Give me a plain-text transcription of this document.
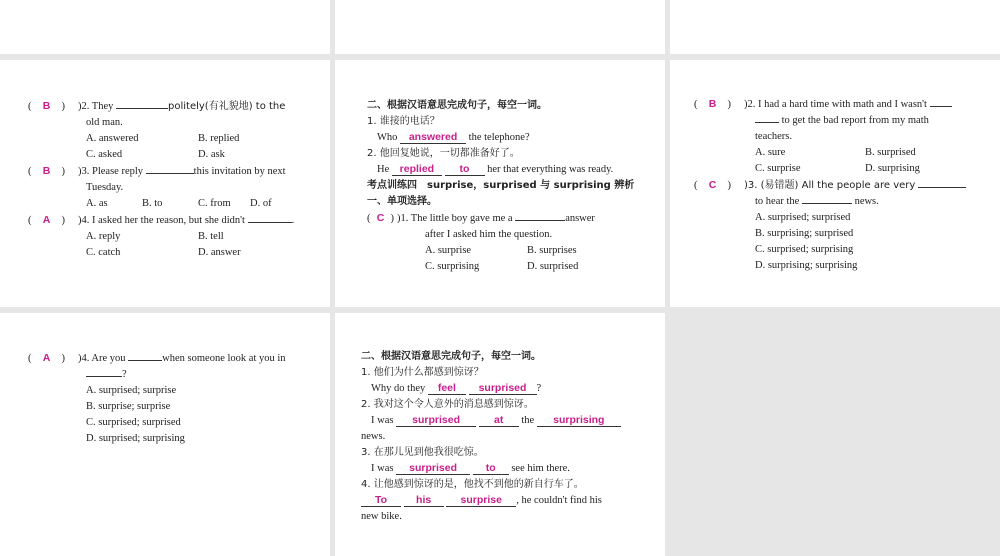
( B ) )2. They	politely(有礼貌地) to the
old man.
A. answered	B. replied
C. asked	D. ask
( B ) )3. Please reply	this invitation by next
Tuesday.
A. as	B. to	C. from D. of
( A ) )4. I asked her the reason, but she didn't	.
A. reply	B. tell
C. catch	D. answer
二、根据汉语意思完成句子，每空一词。
1. 谁接的电话？
Who answered the telephone?
2. 他回复她说，一切都准备好了。
He replied to her that everything was ready.
考点训练四　surprise，surprised 与 surprising 辨析
一、单项选择。
( C ) )1. The little boy gave me a	answer
after I asked him the question.
A. surprise	B. surprises
C. surprising	D. surprised
( B ) )2. I had a hard time with math and I wasn't
to get the bad report from my math
teachers.
A. sure	B. surprised
C. surprise	D. surprising
( C ) )3. (易错题) All the people are very
to hear the	news.
A. surprised; surprised
B. surprising; surprised
C. surprised; surprising
D. surprising; surprising
( A ) )4. Are you	when someone look at you in
?
A. surprised; surprise
B. surprise; surprise
C. surprised; surprised
D. surprised; surprising
二、根据汉语意思完成句子，每空一词。
1. 他们为什么都感到惊讶？
Why do they feel surprised ?
2. 我对这个令人意外的消息感到惊讶。
I was surprised	at the surprising
news.
3. 在那儿见到他我很吃惊。
I was surprised	to see him there.
4. 让他感到惊讶的是，他找不到他的新自行车了。
To	his	surprise , he couldn't find his
new bike.
